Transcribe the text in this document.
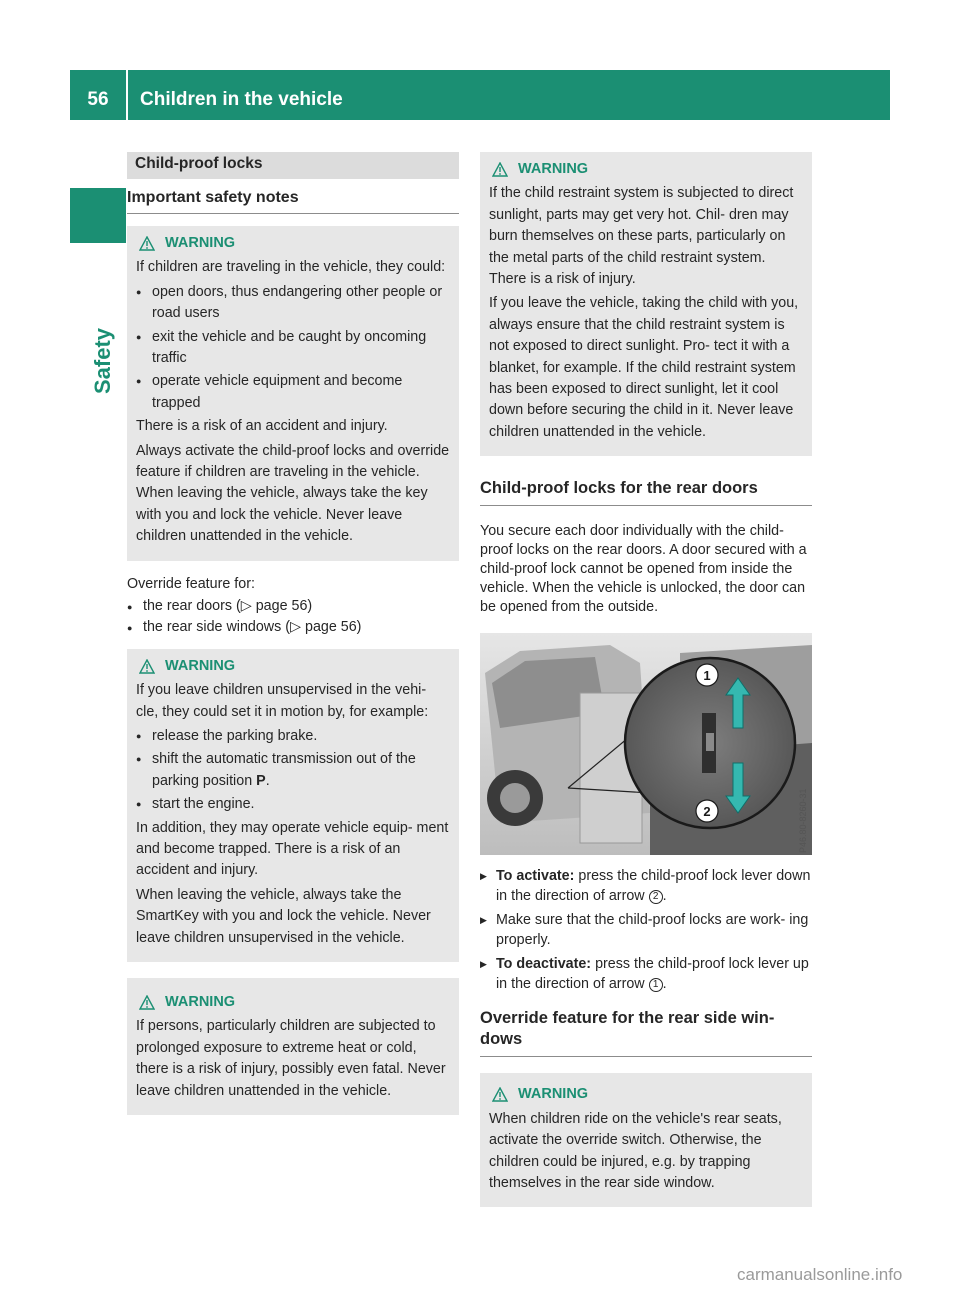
56	Children in the vehicle
Safety
Child-proof locks
Important safety notes
WARNING

If children are traveling in the vehicle, they could:

● open doors, thus endangering other people or road users
● exit the vehicle and be caught by oncoming traffic
● operate vehicle equipment and become trapped

There is a risk of an accident and injury.

Always activate the child-proof locks and override feature if children are traveling in the vehicle. When leaving the vehicle, always take the key with you and lock the vehicle. Never leave children unattended in the vehicle.

Override feature for:
● the rear doors (▷ page 56)
● the rear side windows (▷ page 56)
WARNING

If you leave children unsupervised in the vehi- cle, they could set it in motion by, for example:

● release the parking brake.
● shift the automatic transmission out of the parking position P.
● start the engine.

In addition, they may operate vehicle equip- ment and become trapped. There is a risk of an accident and injury.

When leaving the vehicle, always take the SmartKey with you and lock the vehicle. Never leave children unsupervised in the vehicle.

WARNING

If persons, particularly children are subjected to prolonged exposure to extreme heat or cold, there is a risk of injury, possibly even fatal. Never leave children unattended in the vehicle.

WARNING

If the child restraint system is subjected to direct sunlight, parts may get very hot. Chil- dren may burn themselves on these parts, particularly on the metal parts of the child restraint system. There is a risk of injury.

If you leave the vehicle, taking the child with you, always ensure that the child restraint system is not exposed to direct sunlight. Pro- tect it with a blanket, for example. If the child restraint system has been exposed to direct sunlight, let it cool down before securing the child in it. Never leave children unattended in the vehicle.

Child-proof locks for the rear doors
You secure each door individually with the child-proof locks on the rear doors. A door secured with a child-proof lock cannot be opened from inside the vehicle. When the vehicle is unlocked, the door can be opened from the outside.
1
2	P46.80-8260-31
▶ To activate: press the child-proof lock lever down in the direction of arrow 2 .
▶ Make sure that the child-proof locks are work- ing properly.
▶ To deactivate: press the child-proof lock lever up in the direction of arrow 1 .
Override feature for the rear side win- dows
WARNING

When children ride on the vehicle's rear seats, activate the override switch. Otherwise, the children could be injured, e.g. by trapping themselves in the rear side window.

carmanualsonline.info
